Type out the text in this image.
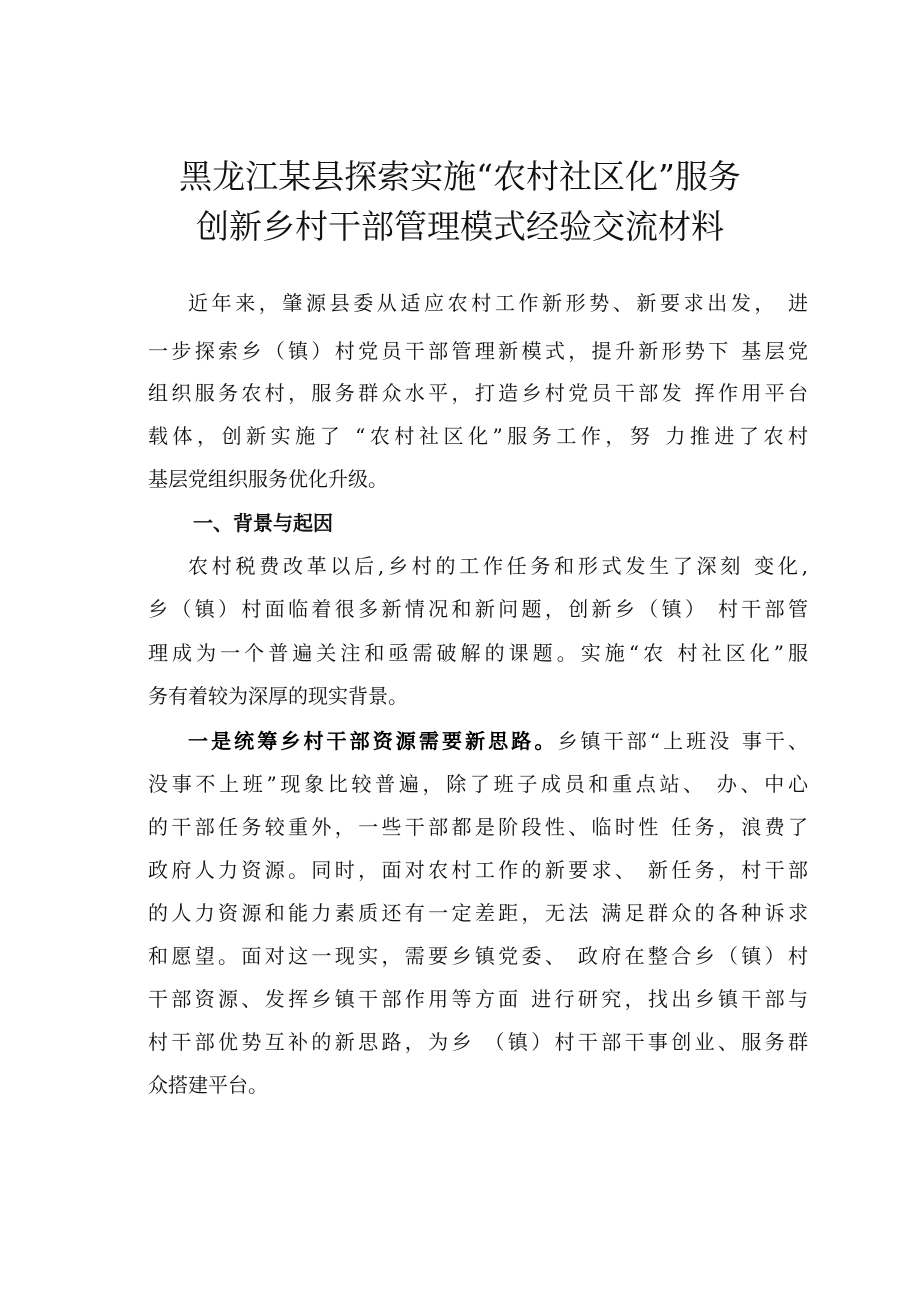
黑龙江某县探索实施“农村社区化”服务
创新乡村干部管理模式经验交流材料

近年来，肇源县委从适应农村工作新形势、新要求出发， 进

一步探索乡（镇）村党员干部管理新模式，提升新形势下 基层党

组织服务农村，服务群众水平，打造乡村党员干部发 挥作用平台

载体，创新实施了 “农村社区化”服务工作，努 力推进了农村

基层党组织服务优化升级。

一、背景与起因

农村税费改革以后,乡村的工作任务和形式发生了深刻 变化,

乡（镇）村面临着很多新情况和新问题，创新乡（镇） 村干部管

理成为一个普遍关注和亟需破解的课题。实施“农 村社区化”服

务有着较为深厚的现实背景。

一是统筹乡村干部资源需要新思路。乡镇干部“上班没 事干、

没事不上班”现象比较普遍，除了班子成员和重点站、 办、中心

的干部任务较重外，一些干部都是阶段性、临时性 任务，浪费了

政府人力资源。同时，面对农村工作的新要求、 新任务，村干部

的人力资源和能力素质还有一定差距，无法 满足群众的各种诉求

和愿望。面对这一现实，需要乡镇党委、 政府在整合乡（镇）村

干部资源、发挥乡镇干部作用等方面 进行研究，找出乡镇干部与

村干部优势互补的新思路，为乡 （镇）村干部干事创业、服务群

众搭建平台。
